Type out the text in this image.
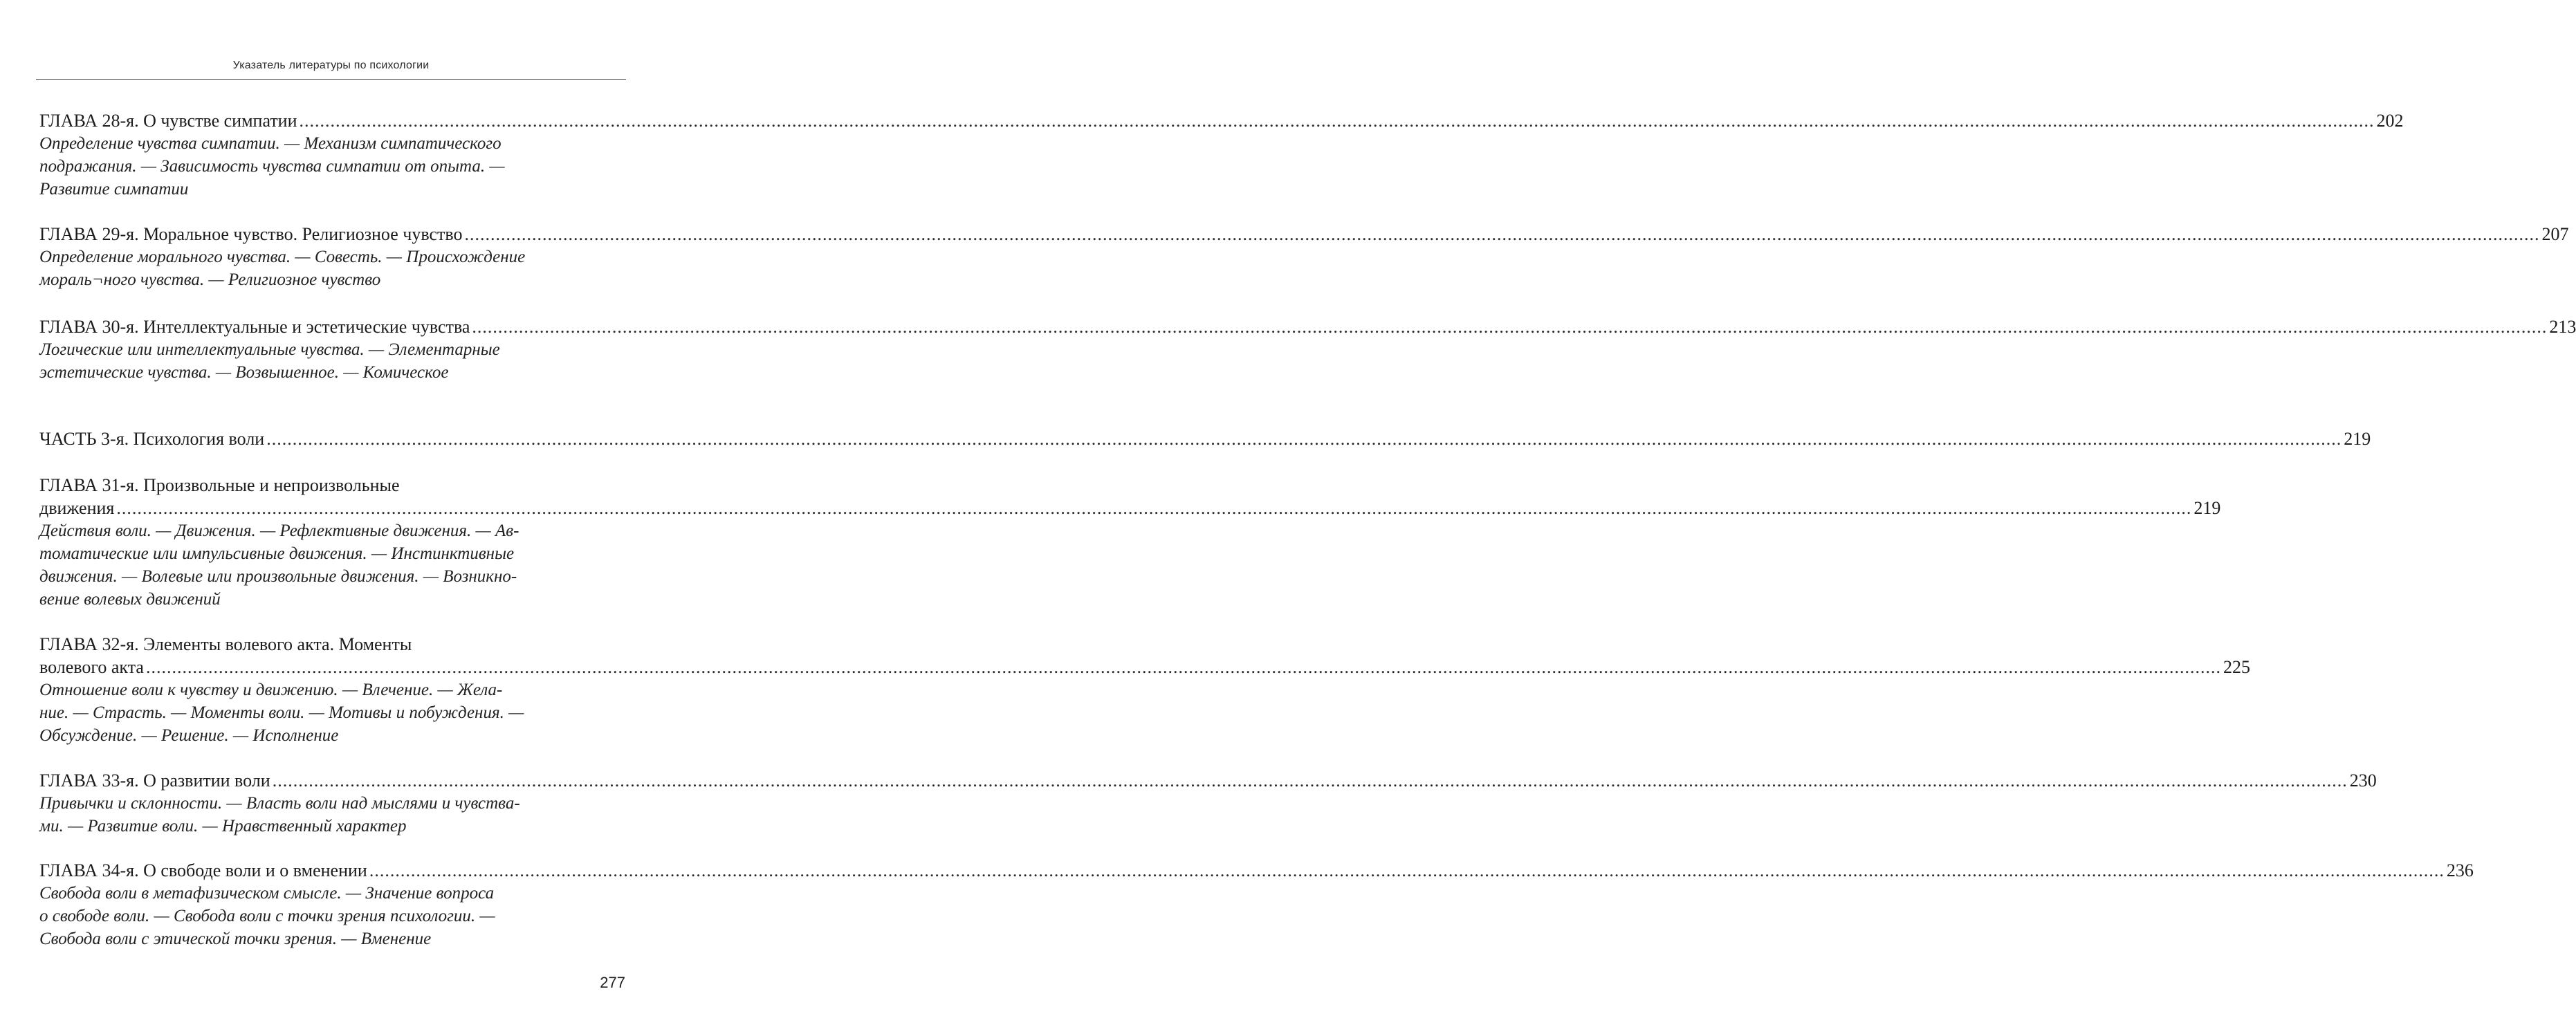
Указатель литературы по психологии
ГЛАВА 28-я. О чувстве симпатии ................................................................................................................................................................................................................................................................................................................................................................................................................ 202
Определение чувства симпатии. — Механизм симпатического
подражания. — Зависимость чувства симпатии от опыта. —
Развитие симпатии
ГЛАВА 29-я. Моральное чувство. Религиозное чувство ................................................................................................................................................................................................................................................................................................................................................................................................................ 207
Определение морального чувства. — Совесть. — Происхождение
мораль¬ного чувства. — Религиозное чувство
ГЛАВА 30-я. Интеллектуальные и эстетические чувства ................................................................................................................................................................................................................................................................................................................................................................................................................ 213
Логические или интеллектуальные чувства. — Элементарные
эстетические чувства. — Возвышенное. — Комическое
ЧАСТЬ 3-я. Психология воли ................................................................................................................................................................................................................................................................................................................................................................................................................ 219
ГЛАВА 31-я. Произвольные и непроизвольные
движения ................................................................................................................................................................................................................................................................................................................................................................................................................ 219
Действия воли. — Движения. — Рефлективные движения. — Ав-
томатические или импульсивные движения. — Инстинктивные
движения. — Волевые или произвольные движения. — Возникно-
вение волевых движений
ГЛАВА 32-я. Элементы волевого акта. Моменты
волевого акта ................................................................................................................................................................................................................................................................................................................................................................................................................ 225
Отношение воли к чувству и движению. — Влечение. — Жела-
ние. — Страсть. — Моменты воли. — Мотивы и побуждения. —
Обсуждение. — Решение. — Исполнение
ГЛАВА 33-я. О развитии воли ................................................................................................................................................................................................................................................................................................................................................................................................................ 230
Привычки и склонности. — Власть воли над мыслями и чувства-
ми. — Развитие воли. — Нравственный характер
ГЛАВА 34-я. О свободе воли и о вменении ................................................................................................................................................................................................................................................................................................................................................................................................................ 236
Свобода воли в метафизическом смысле. — Значение вопроса
о свободе воли. — Свобода воли с точки зрения психологии. —
Свобода воли с этической точки зрения. — Вменение
277
